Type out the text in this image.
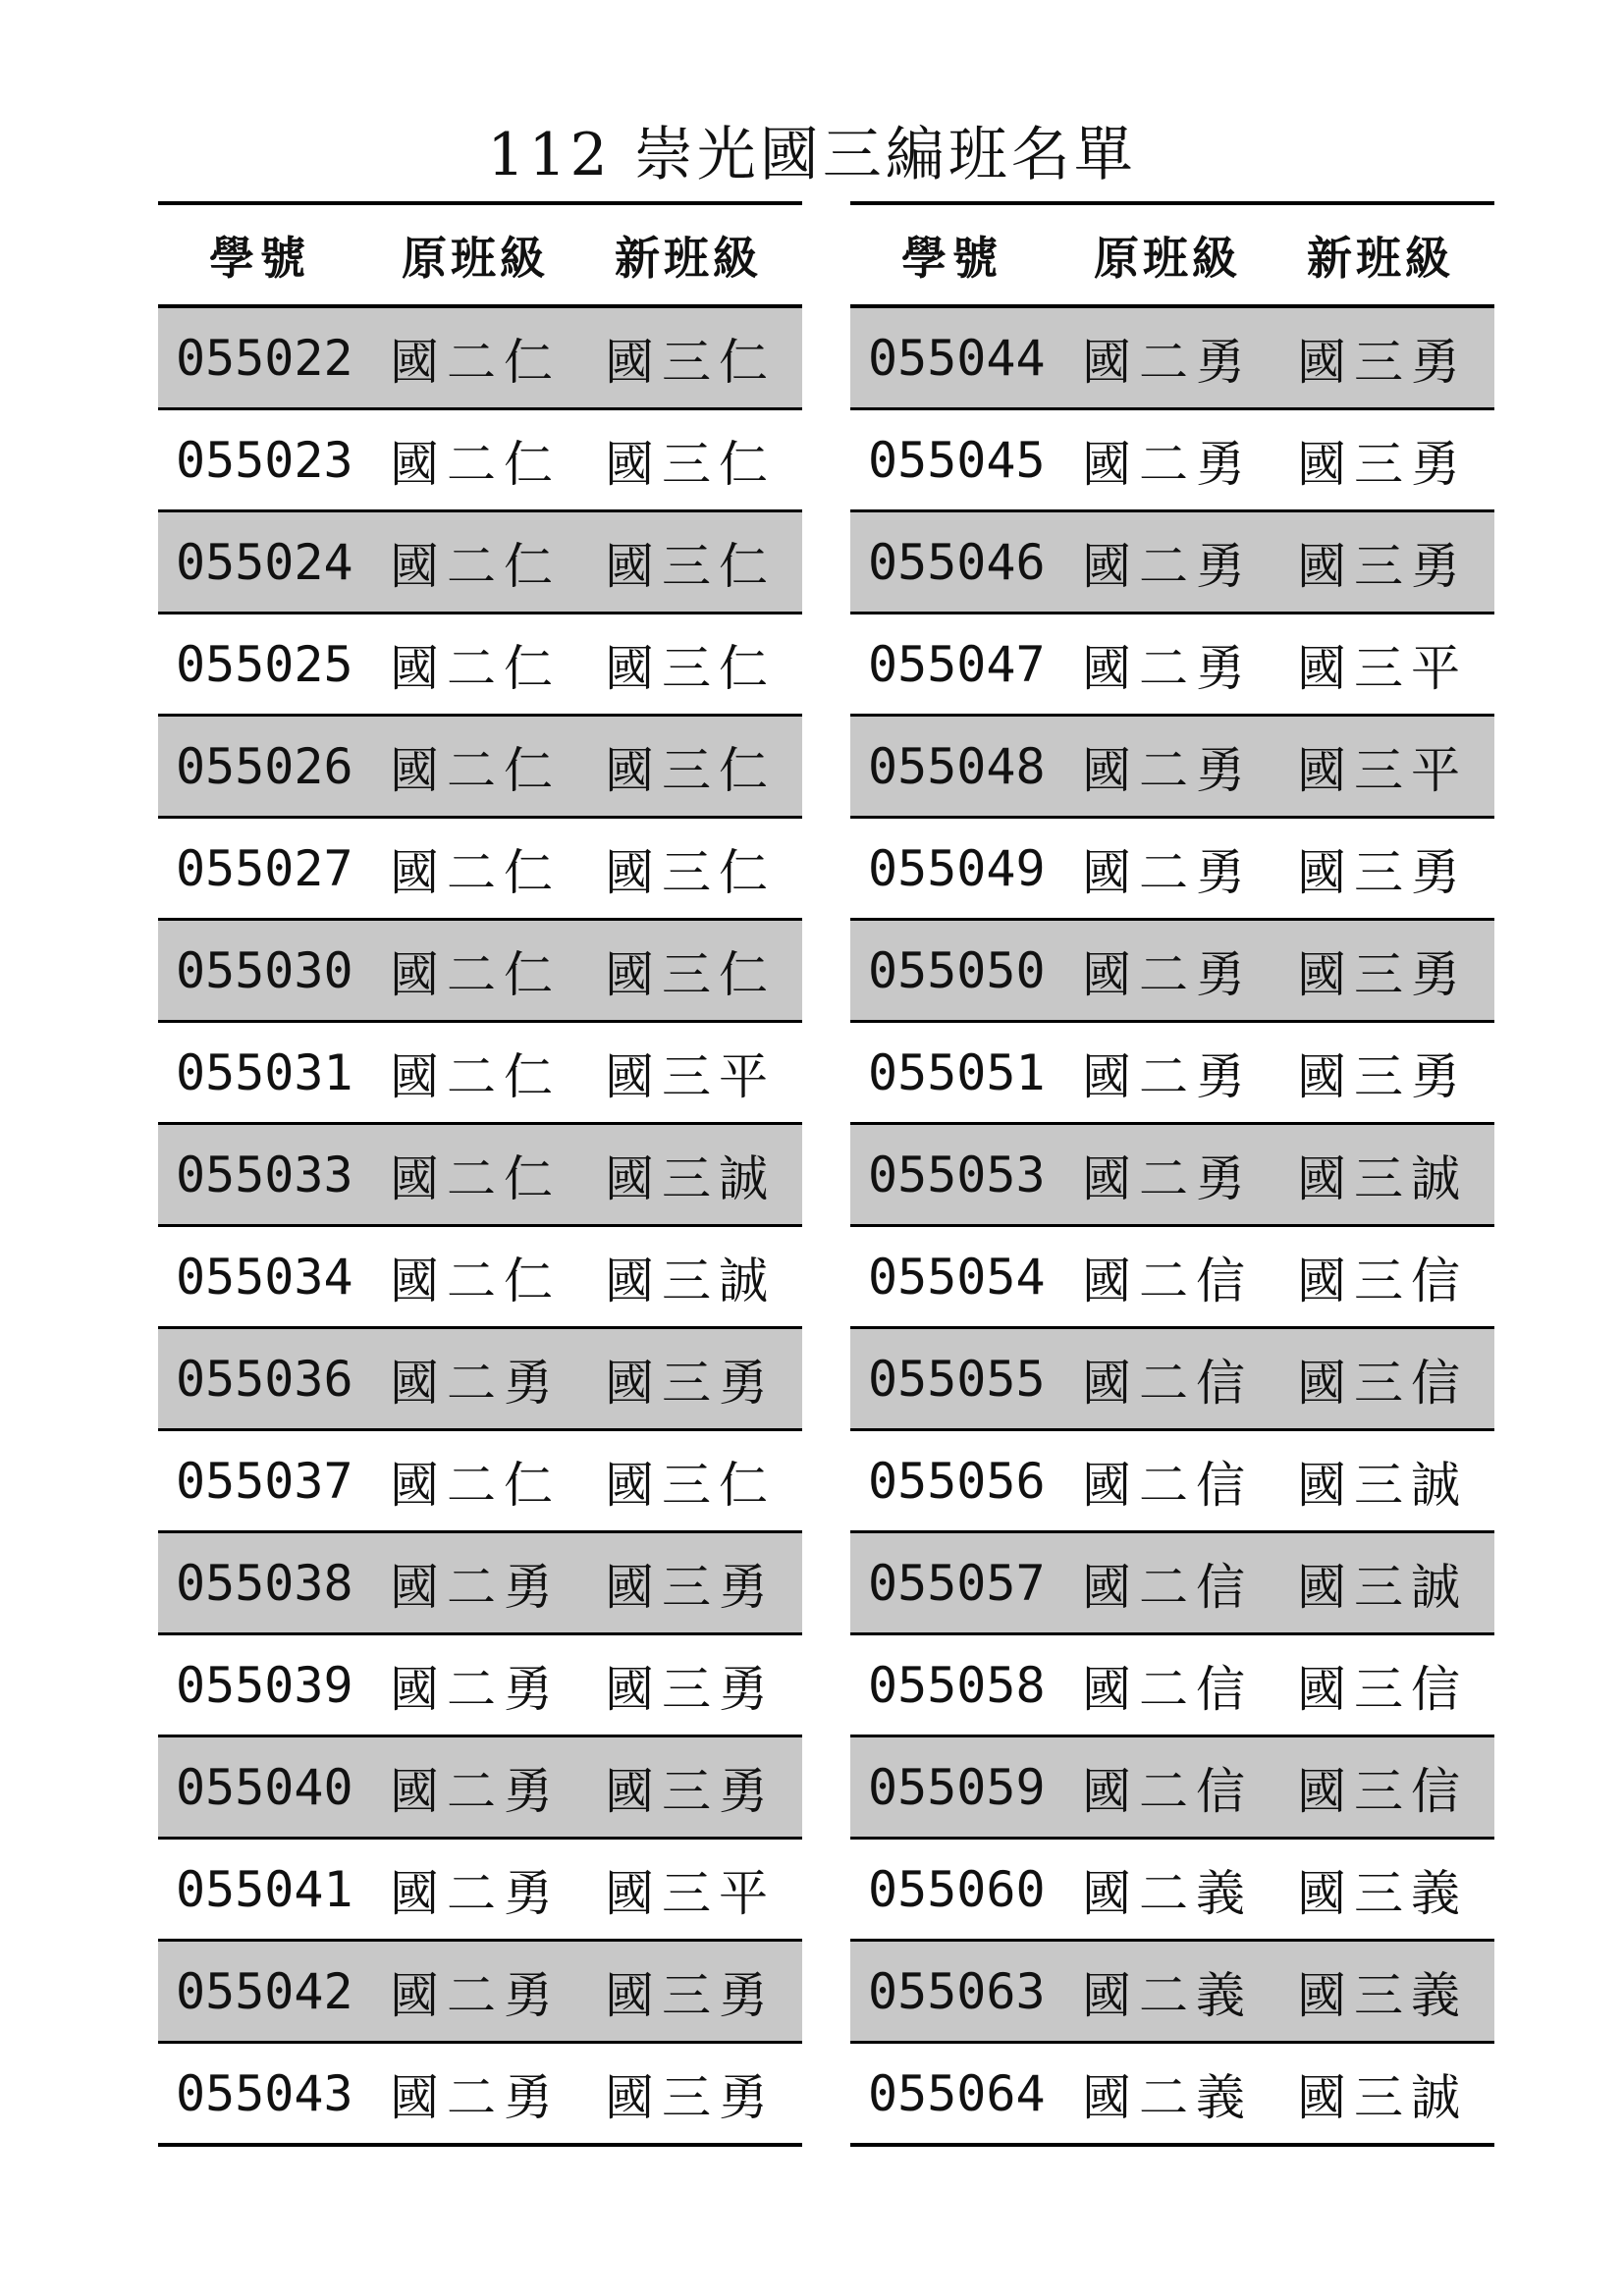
112 崇光國三編班名單
學號	原班級	新班級
055022 國二仁 國三仁
055023 國二仁 國三仁
055024 國二仁 國三仁
055025 國二仁 國三仁
055026 國二仁 國三仁
055027 國二仁 國三仁
055030 國二仁 國三仁
055031 國二仁 國三平
055033 國二仁 國三誠
055034 國二仁 國三誠
055036 國二勇 國三勇
055037 國二仁 國三仁
055038 國二勇 國三勇
055039 國二勇 國三勇
055040 國二勇 國三勇
055041 國二勇 國三平
055042 國二勇 國三勇
055043 國二勇 國三勇
學號	原班級	新班級
055044 國二勇 國三勇
055045 國二勇 國三勇
055046 國二勇 國三勇
055047 國二勇 國三平
055048 國二勇 國三平
055049 國二勇 國三勇
055050 國二勇 國三勇
055051 國二勇 國三勇
055053 國二勇 國三誠
055054 國二信 國三信
055055 國二信 國三信
055056 國二信 國三誠
055057 國二信 國三誠
055058 國二信 國三信
055059 國二信 國三信
055060 國二義 國三義
055063 國二義 國三義
055064 國二義 國三誠
